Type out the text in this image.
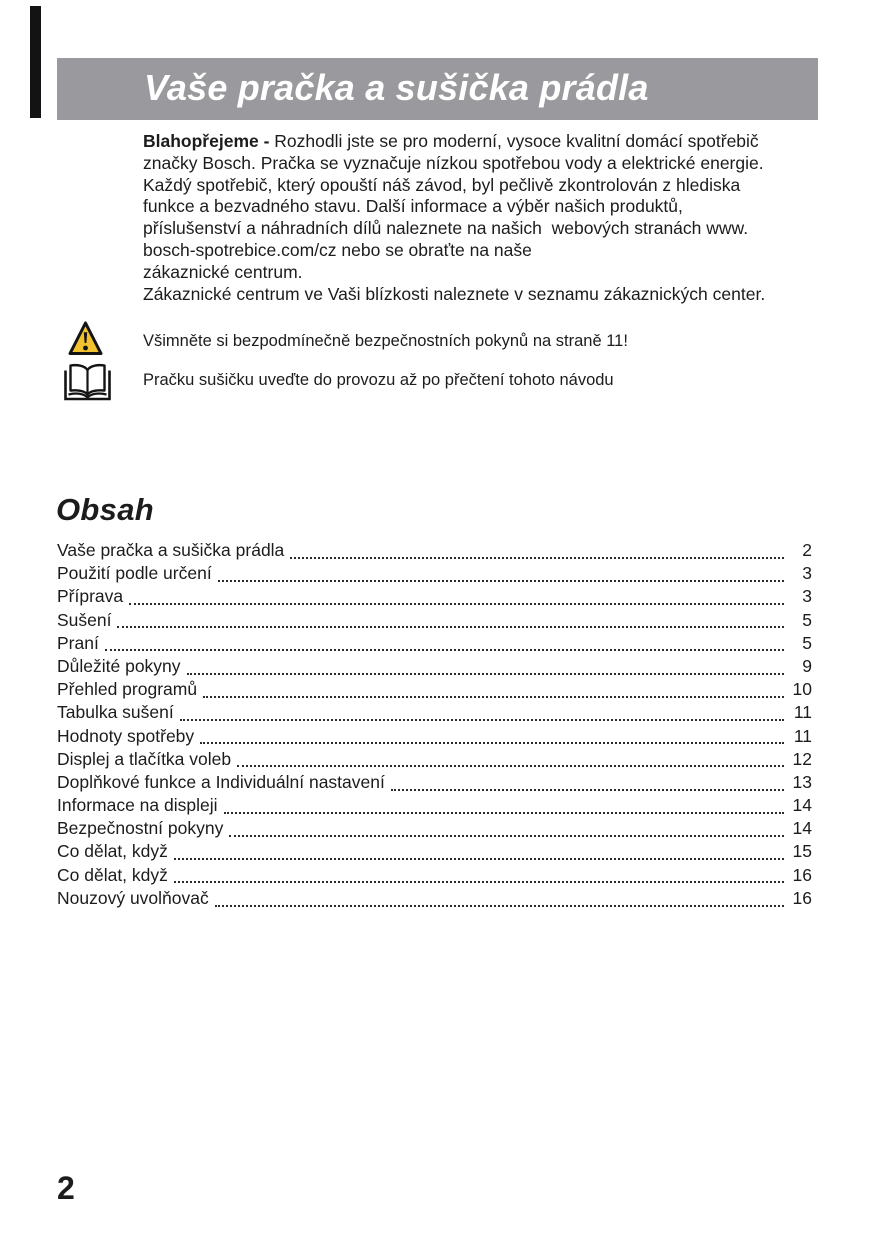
Vaše pračka a sušička prádla
Blahopřejeme - Rozhodli jste se pro moderní, vysoce kvalitní domácí spotřebič
značky Bosch. Pračka se vyznačuje nízkou spotřebou vody a elektrické energie.
Každý spotřebič, který opouští náš závod, byl pečlivě zkontrolován z hlediska
funkce a bezvadného stavu. Další informace a výběr našich produktů,
příslušenství a náhradních dílů naleznete na našich  webových stranách www.
bosch-spotrebice.com/cz nebo se obraťte na naše
zákaznické centrum.
Zákaznické centrum ve Vaši blízkosti naleznete v seznamu zákaznických center.
Všimněte si bezpodmínečně bezpečnostních pokynů na straně 11!
Pračku sušičku uveďte do provozu až po přečtení tohoto návodu
Obsah
Vaše pračka a sušička prádla	2
Použití podle určení	3
Příprava	3
Sušení	5
Praní	5
Důležité pokyny	9
Přehled programů	10
Tabulka sušení	11
Hodnoty spotřeby	11
Displej a tlačítka voleb	12
Doplňkové funkce a Individuální nastavení	13
Informace na displeji	14
Bezpečnostní pokyny	14
Co dělat, když	15
Co dělat, když	16
Nouzový uvolňovač	16
2
